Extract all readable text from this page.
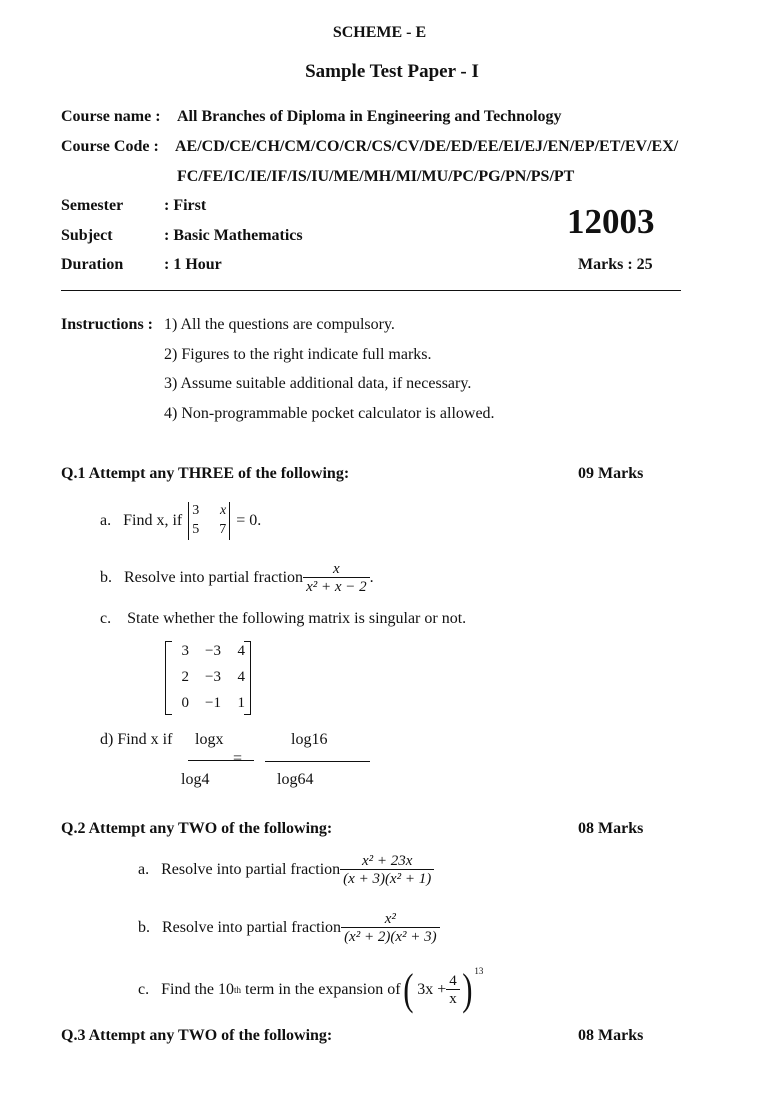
SCHEME - E
Sample Test Paper - I
Course name : All Branches of Diploma in Engineering and Technology
Course Code : AE/CD/CE/CH/CM/CO/CR/CS/CV/DE/ED/EE/EI/EJ/EN/EP/ET/EV/EX/
FC/FE/IC/IE/IF/IS/IU/ME/MH/MI/MU/PC/PG/PN/PS/PT
Semester	: First
Subject	: Basic Mathematics
Duration	: 1 Hour
12003
Marks : 25
Instructions : 1) All the questions are compulsory.
2) Figures to the right indicate full marks.
3) Assume suitable additional data, if necessary.
4) Non-programmable pocket calculator is allowed.
Q.1 Attempt any THREE of the following:	09 Marks
a. Find x, if
3 x
5 7
= 0.
b. Resolve into partial fraction $\frac{x}{\text{x² + x − 2}}$ .
c. State whether the following matrix is singular or not.
3	−3	4
2	−3	4
0	−1	1
d) Find x if logx	log16
=
log4	log64
Q.2 Attempt any TWO of the following:	08 Marks
a. Resolve into partial fraction $\frac{\text{x² + 23x}}{\text{(x + 3)(x² + 1)}}$
b. Resolve into partial fraction $\frac{\text{x²}}{\text{(x² + 2)(x² + 3)}}$
c. Find the 10 th term in the expansion of ( $3x + \frac{4}{x}$ ) 13
Q.3 Attempt any TWO of the following:	08 Marks
